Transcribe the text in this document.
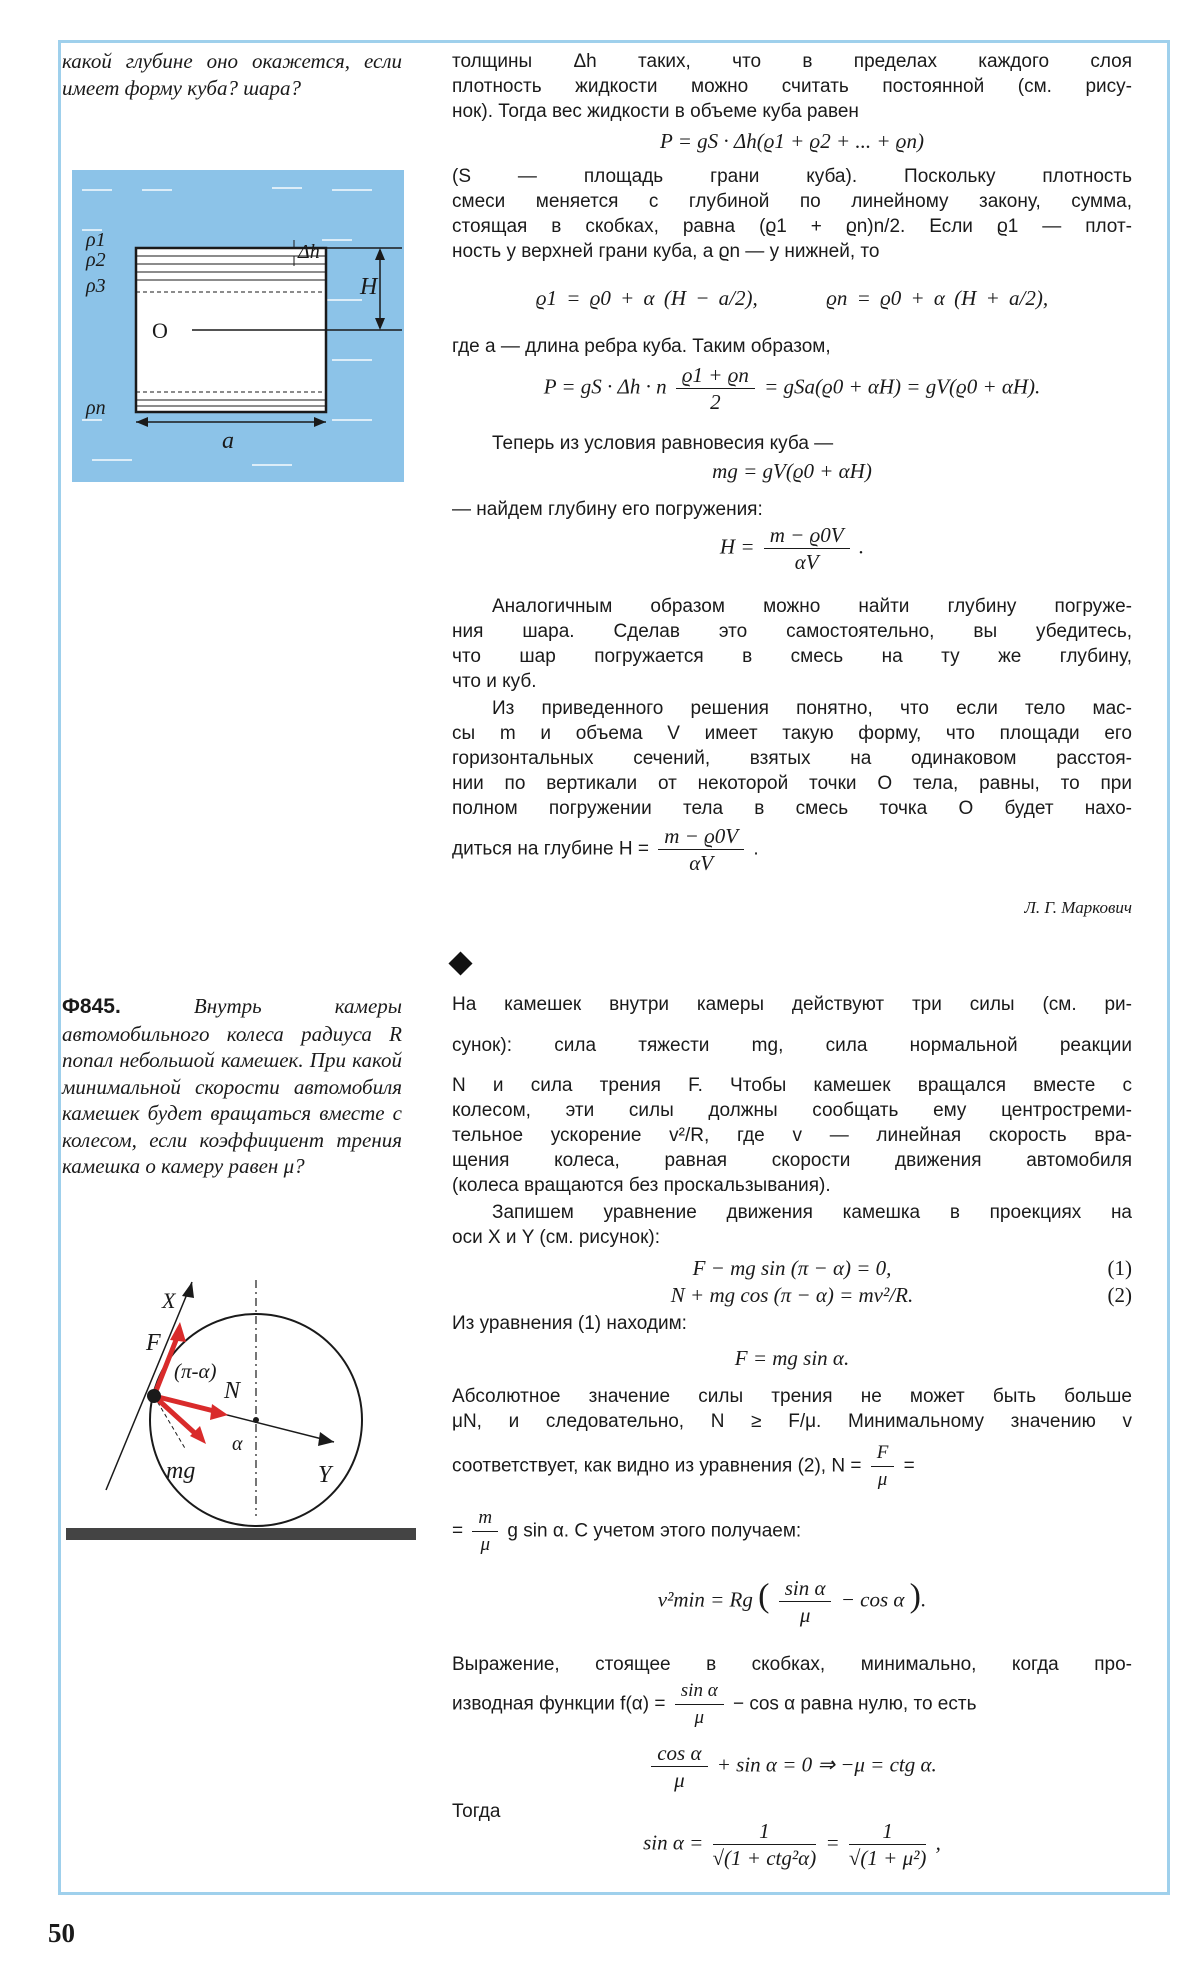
какой глубине оно окажется, если имеет форму куба? шара?

ρ1
ρ2
ρ3
ρn
Δh
H
O
a

Ф845.	Внутрь камеры автомобильного колеса радиуса R попал небольшой камешек. При какой минимальной скорости автомобиля камешек будет вращаться вместе с колесом, если коэффициент трения камешка о камеру равен μ?

X
F
(π-α)
N
α
mg	Y
толщины Δh таких, что в пределах каждого слоя
плотность жидкости можно считать постоянной (см. рису-
нок). Тогда вес жидкости в объеме куба равен
P = gS · Δh(ϱ1 + ϱ2 + ... + ϱn)
(S — площадь грани куба). Поскольку плотность
смеси меняется с глубиной по линейному закону, сумма,
стоящая в скобках, равна (ϱ1 + ϱn)n/2. Если ϱ1 — плот-
ность у верхней грани куба, а ϱn — у нижней, то
ϱ1 = ϱ0 + α (H − a/2),	ϱn = ϱ0 + α (H + a/2),
где a — длина ребра куба. Таким образом,
P = gS · Δh · n $\frac{ϱ1 + ϱn}{2} = gSa(ϱ0 + \alpha H) = gV(ϱ0 + \alpha H)$.
Теперь из условия равновесия куба —
mg = gV(ϱ0 + αH)
— найдем глубину его погружения:
$H = \frac{m - ϱ0V}{\alpha V}$ .
Аналогичным образом можно найти глубину погруже-
ния шара. Сделав это самостоятельно, вы убедитесь,
что шар погружается в смесь на ту же глубину,
что и куб.
Из приведенного решения понятно, что если тело мас-
сы m и объема V имеет такую форму, что площади его
горизонтальных сечений, взятых на одинаковом расстоя-
нии по вертикали от некоторой точки O тела, равны, то при
полном погружении тела в смесь точка O будет нахо-
диться на глубине $H = \frac{m - ϱ0V}{\alpha V}$ .
Л. Г. Маркович
На камешек внутри камеры действуют три силы (см. ри-
сунок): сила тяжести mg, сила нормальной реакции
N и сила трения F. Чтобы камешек вращался вместе с
колесом, эти силы должны сообщать ему центростреми-
тельное ускорение v²/R, где v — линейная скорость вра-
щения колеса, равная скорости движения автомобиля
(колеса вращаются без проскальзывания).
Запишем уравнение движения камешка в проекциях на
оси X и Y (см. рисунок):
F − mg sin (π − α) = 0,	(1)
N + mg cos (π − α) = mv²/R.	(2)
Из уравнения (1) находим:
F = mg sin α.
Абсолютное значение силы трения не может быть больше
μN, и следовательно, N ≥ F/μ. Минимальному значению v
соответствует, как видно из уравнения (2), $N = \frac{F}{\mu}$ =
= $\frac{m}{\mu}$ g sin α. С учетом этого получаем:
v²min = Rg ( $\frac{\text{sin α}}{\mu} - \cos \alpha$ ).
Выражение, стоящее в скобках, минимально, когда про-
изводная функции $f(\alpha) = \frac{\text{sin α}}{\mu} - \cos \alpha$ равна нулю, то есть
$\frac{\text{cos α}}{\mu} + \sin \alpha = 0$ ⇒ −μ = ctg α.
Тогда
$\sin \alpha = \frac{1}{\text{√(1 + ctg²α)}} = \frac{1}{\text{√(1 + μ²)}}$ ,
50
